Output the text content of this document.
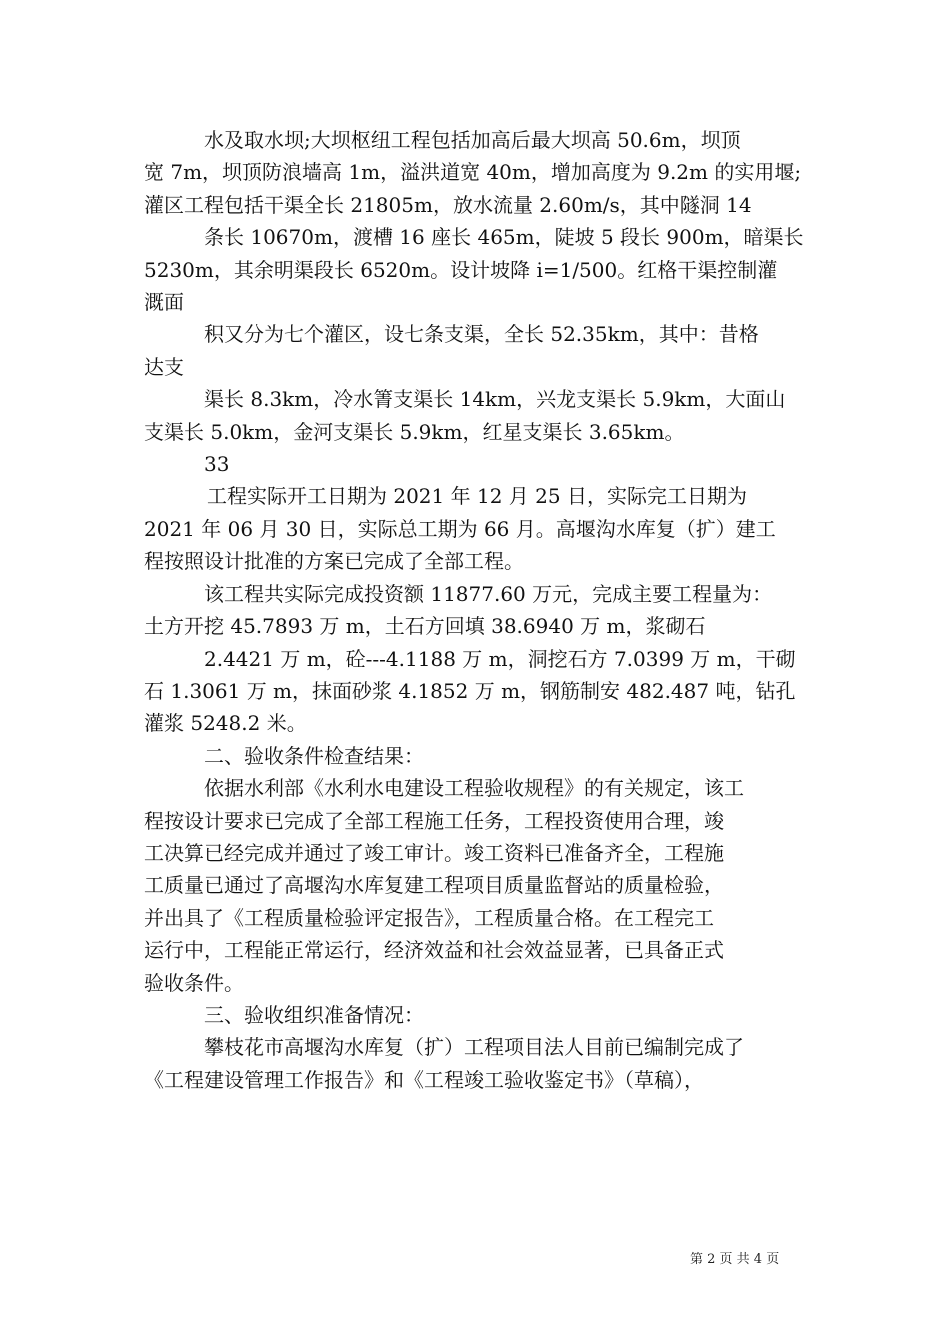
水及取水坝;大坝枢纽工程包括加高后最大坝高 50.6m，坝顶

宽 7m，坝顶防浪墙高 1m，溢洪道宽 40m，增加高度为 9.2m 的实用堰;

灌区工程包括干渠全长 21805m，放水流量 2.60m/s，其中隧洞 14

条长 10670m，渡槽 16 座长 465m，陡坡 5 段长 900m，暗渠长

5230m，其余明渠段长 6520m。设计坡降 i=1/500。红格干渠控制灌

溉面

积又分为七个灌区，设七条支渠，全长 52.35km，其中：昔格

达支

渠长 8.3km，冷水箐支渠长 14km，兴龙支渠长 5.9km，大面山

支渠长 5.0km，金河支渠长 5.9km，红星支渠长 3.65km。

33

工程实际开工日期为 2021 年 12 月 25 日，实际完工日期为

2021 年 06 月 30 日，实际总工期为 66 月。高堰沟水库复（扩）建工

程按照设计批准的方案已完成了全部工程。

该工程共实际完成投资额 11877.60 万元，完成主要工程量为：

土方开挖 45.7893 万 m，土石方回填 38.6940 万 m，浆砌石

2.4421 万 m，砼---4.1188 万 m，洞挖石方 7.0399 万 m，干砌

石 1.3061 万 m，抹面砂浆 4.1852 万 m，钢筋制安 482.487 吨，钻孔

灌浆 5248.2 米。

二、验收条件检查结果：

依据水利部《水利水电建设工程验收规程》的有关规定，该工

程按设计要求已完成了全部工程施工任务，工程投资使用合理，竣

工决算已经完成并通过了竣工审计。竣工资料已准备齐全，工程施

工质量已通过了高堰沟水库复建工程项目质量监督站的质量检验，

并出具了《工程质量检验评定报告》，工程质量合格。在工程完工

运行中，工程能正常运行，经济效益和社会效益显著，已具备正式

验收条件。

三、验收组织准备情况：

攀枝花市高堰沟水库复（扩）工程项目法人目前已编制完成了

《工程建设管理工作报告》和《工程竣工验收鉴定书》（草稿），

第 2 页 共 4 页
